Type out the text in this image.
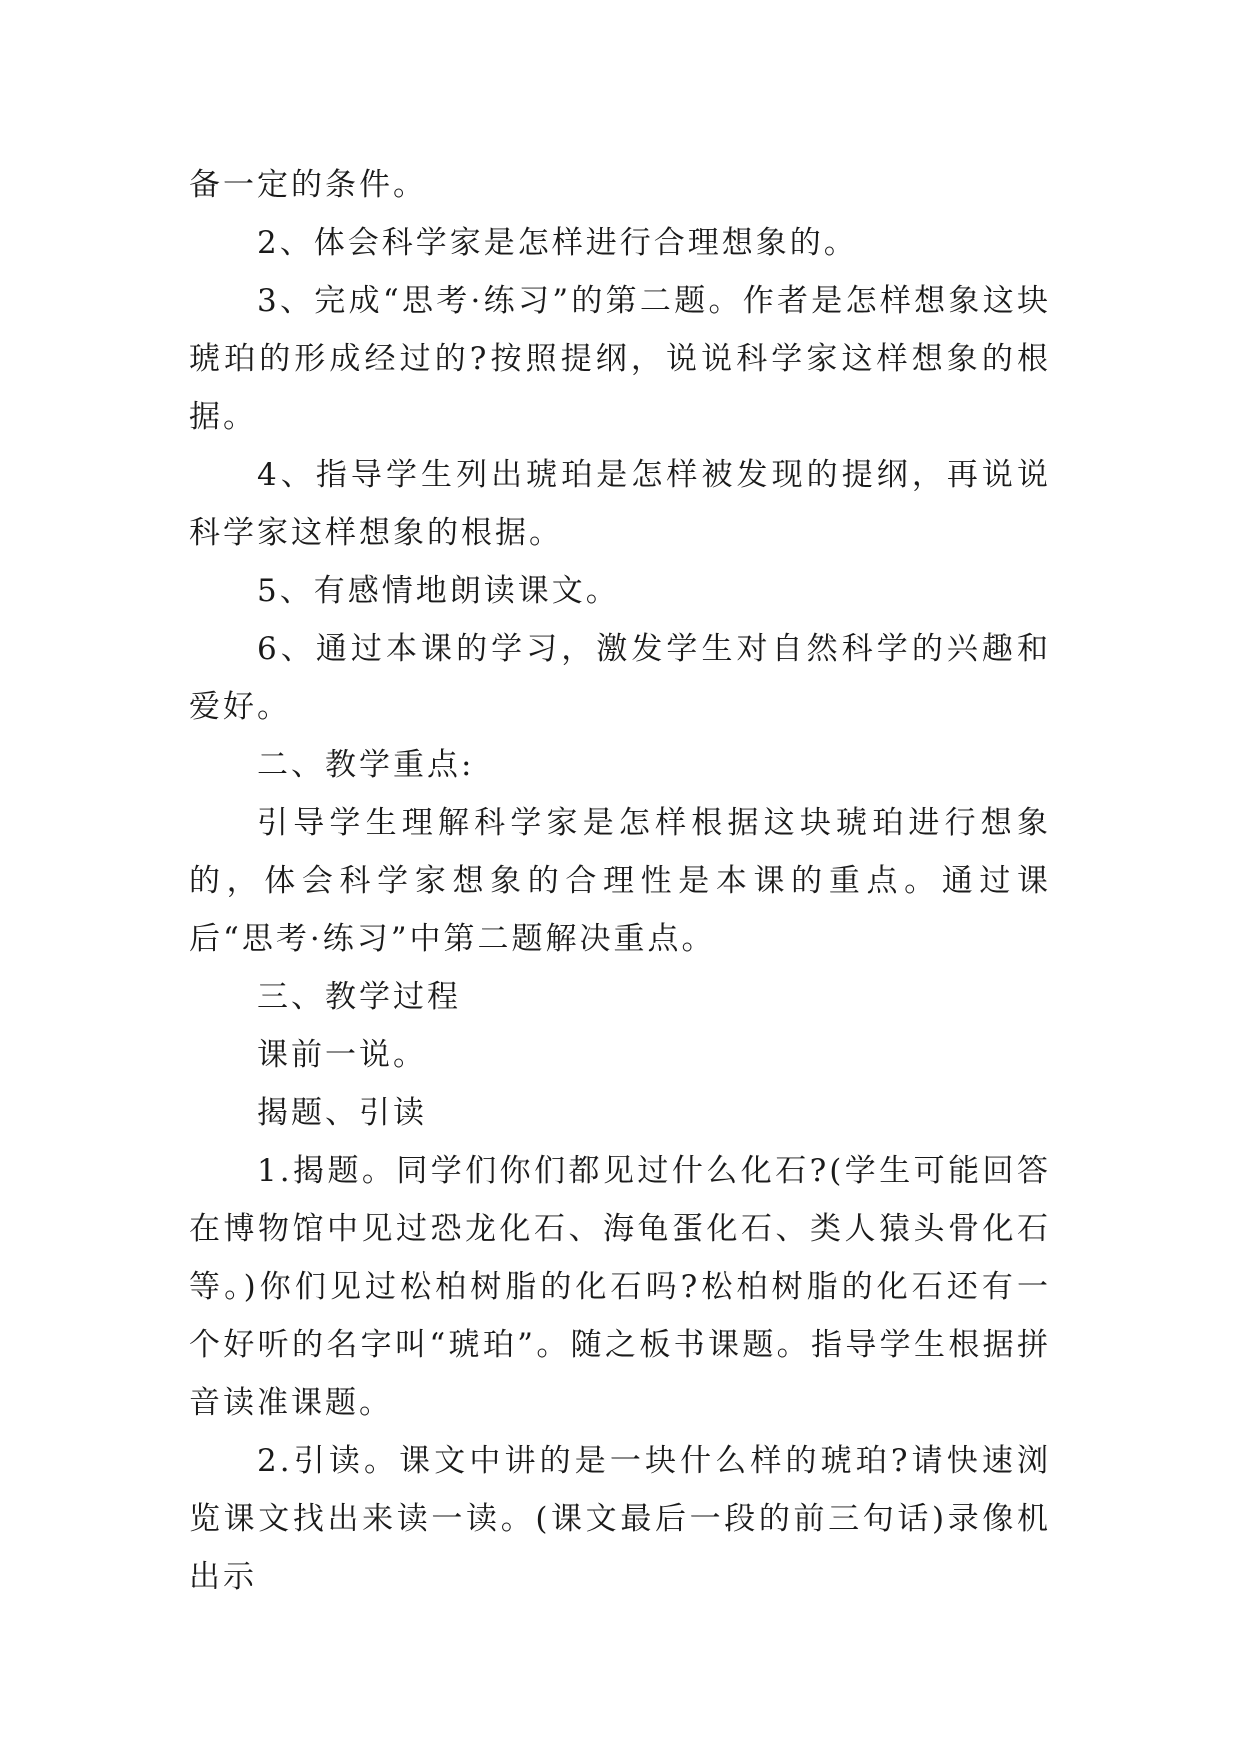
备一定的条件。

2、体会科学家是怎样进行合理想象的。

3、完成“思考·练习”的第二题。作者是怎样想象这块琥珀的形成经过的?按照提纲，说说科学家这样想象的根据。

4、指导学生列出琥珀是怎样被发现的提纲，再说说科学家这样想象的根据。

5、有感情地朗读课文。

6、通过本课的学习，激发学生对自然科学的兴趣和爱好。

二、教学重点:

引导学生理解科学家是怎样根据这块琥珀进行想象的，体会科学家想象的合理性是本课的重点。通过课后“思考·练习”中第二题解决重点。

三、教学过程

课前一说。

揭题、引读

1.揭题。同学们你们都见过什么化石?(学生可能回答在博物馆中见过恐龙化石、海龟蛋化石、类人猿头骨化石等。)你们见过松柏树脂的化石吗?松柏树脂的化石还有一个好听的名字叫“琥珀”。随之板书课题。指导学生根据拼音读准课题。

2.引读。课文中讲的是一块什么样的琥珀?请快速浏览课文找出来读一读。(课文最后一段的前三句话)录像机出示
